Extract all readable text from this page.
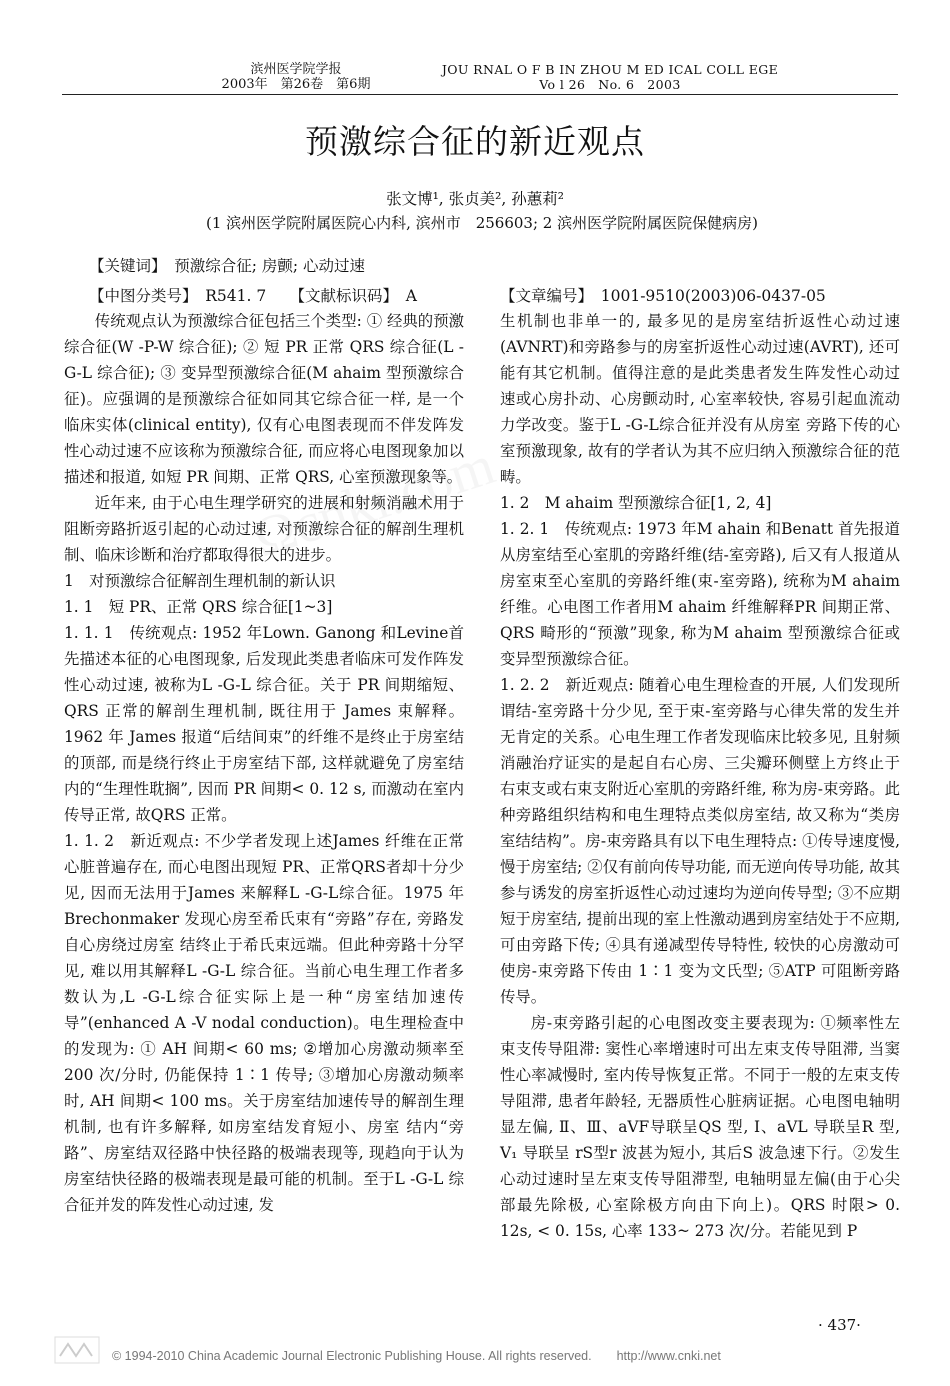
滨州医学院学报
2003年　第26卷　第6期
JOU RNAL O F B IN ZHOU M ED ICAL COLL EGE
Vo l 26　No. 6　2003
预激综合征的新近观点
张文博¹, 张贞美², 孙蕙莉²
(1 滨州医学院附属医院心内科, 滨州市　256603; 2 滨州医学院附属医院保健病房)
【关键词】　预激综合征; 房颤; 心动过速
【中图分类号】　R541. 7　　【文献标识码】　A	【文章编号】　1001-9510(2003)06-0437-05

传统观点认为预激综合征包括三个类型: ① 经典的预激综合征(W -P-W 综合征); ② 短 PR 正常 QRS 综合征(L -G-L 综合征); ③ 变异型预激综合征(M ahaim 型预激综合征)。应强调的是预激综合征如同其它综合征一样, 是一个临床实体(clinical entity), 仅有心电图表现而不伴发阵发性心动过速不应该称为预激综合征, 而应将心电图现象加以描述和报道, 如短 PR 间期、正常 QRS, 心室预激现象等。

近年来, 由于心电生理学研究的进展和射频消融术用于阻断旁路折返引起的心动过速, 对预激综合征的解剖生理机制、临床诊断和治疗都取得很大的进步。

1　对预激综合征解剖生理机制的新认识

1. 1　短 PR、正常 QRS 综合征[1~3]

1. 1. 1　传统观点: 1952 年Lown. Ganong 和Levine首先描述本征的心电图现象, 后发现此类患者临床可发作阵发性心动过速, 被称为L -G-L 综合征。关于 PR 间期缩短、QRS 正常的解剖生理机制, 既往用于 James 束解释。1962 年 James 报道“后结间束”的纤维不是终止于房室结的顶部, 而是绕行终止于房室结下部, 这样就避免了房室结内的“生理性耽搁”, 因而 PR 间期< 0. 12 s, 而激动在室内传导正常, 故QRS 正常。

1. 1. 2　新近观点: 不少学者发现上述James 纤维在正常心脏普遍存在, 而心电图出现短 PR、正常QRS者却十分少见, 因而无法用于James 来解释L -G-L综合征。1975 年 Brechonmaker 发现心房至希氏束有“旁路”存在, 旁路发自心房绕过房室 结终止于希氏束远端。但此种旁路十分罕见, 难以用其解释L -G-L 综合征。当前心电生理工作者多数认为,L -G-L综合征实际上是一种“房室结加速传导”(enhanced A -V nodal conduction)。电生理检查中的发现为: ① AH 间期< 60 ms; ②增加心房激动频率至 200 次/分时, 仍能保持 1∶1 传导; ③增加心房激动频率时, AH 间期< 100 ms。关于房室结加速传导的解剖生理机制, 也有许多解释, 如房室结发育短小、房室 结内“旁路”、房室结双径路中快径路的极端表现等, 现趋向于认为房室结快径路的极端表现是最可能的机制。至于L -G-L 综合征并发的阵发性心动过速, 发

生机制也非单一的, 最多见的是房室结折返性心动过速(AVNRT)和旁路参与的房室折返性心动过速(AVRT), 还可能有其它机制。值得注意的是此类患者发生阵发性心动过速或心房扑动、心房颤动时, 心室率较快, 容易引起血流动力学改变。鉴于L -G-L综合征并没有从房室 旁路下传的心室预激现象, 故有的学者认为其不应归纳入预激综合征的范畴。

1. 2　M ahaim 型预激综合征[1, 2, 4]

1. 2. 1　传统观点: 1973 年M ahain 和Benatt 首先报道从房室结至心室肌的旁路纤维(结-室旁路), 后又有人报道从房室束至心室肌的旁路纤维(束-室旁路), 统称为M ahaim 纤维。心电图工作者用M ahaim 纤维解释PR 间期正常、QRS 畸形的“预激”现象, 称为M ahaim 型预激综合征或变异型预激综合征。

1. 2. 2　新近观点: 随着心电生理检查的开展, 人们发现所谓结-室旁路十分少见, 至于束-室旁路与心律失常的发生并无肯定的关系。心电生理工作者发现临床比较多见, 且射频消融治疗证实的是起自右心房、三尖瓣环侧壁上方终止于右束支或右束支附近心室肌的旁路纤维, 称为房-束旁路。此种旁路组织结构和电生理特点类似房室结, 故又称为“类房室结结构”。房-束旁路具有以下电生理特点: ①传导速度慢, 慢于房室结; ②仅有前向传导功能, 而无逆向传导功能, 故其参与诱发的房室折返性心动过速均为逆向传导型; ③不应期短于房室结, 提前出现的室上性激动遇到房室结处于不应期, 可由旁路下传; ④具有递减型传导特性, 较快的心房激动可使房-束旁路下传由 1∶1 变为文氏型; ⑤ATP 可阻断旁路传导。

房-束旁路引起的心电图改变主要表现为: ①频率性左束支传导阻滞: 窦性心率增速时可出左束支传导阻滞, 当窦性心率减慢时, 室内传导恢复正常。不同于一般的左束支传导阻滞, 患者年龄轻, 无器质性心脏病证据。心电图电轴明显左偏, Ⅱ、Ⅲ、aVF导联呈QS 型, Ⅰ、aVL 导联呈R 型, V₁ 导联呈 rS型r 波甚为短小, 其后S 波急速下行。②发生心动过速时呈左束支传导阻滞型, 电轴明显左偏(由于心尖部最先除极, 心室除极方向由下向上)。QRS 时限> 0. 12s, < 0. 15s, 心率 133~ 273 次/分。若能见到 P

· 437·
© 1994-2010 China Academic Journal Electronic Publishing House. All rights reserved.　　http://www.cnki.net
